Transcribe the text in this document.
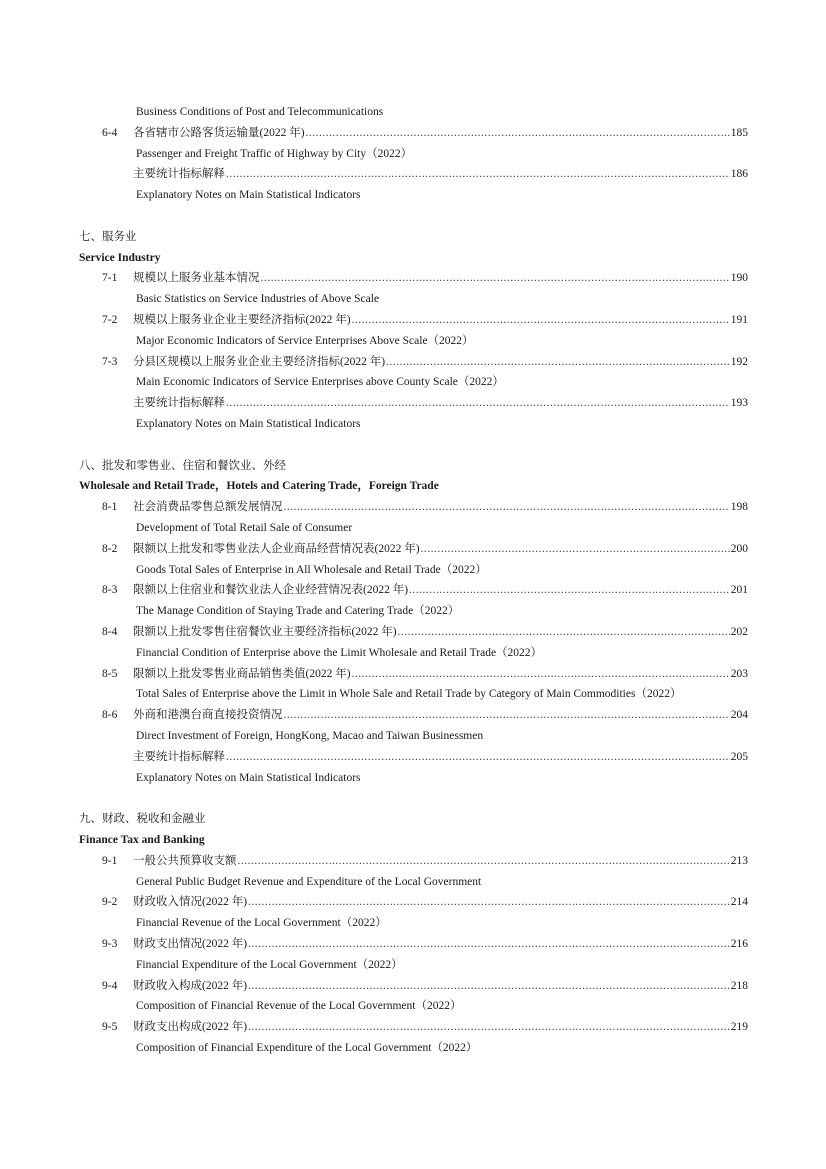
Business Conditions of Post and Telecommunications
6-4	各省辖市公路客货运输量(2022 年) .....	185
Passenger and Freight Traffic of Highway by City（2022）
主要统计指标解释 .....	186
Explanatory Notes on Main Statistical Indicators
七、服务业
Service Industry
7-1	规模以上服务业基本情况 .....	190
Basic Statistics on Service Industries of Above Scale
7-2	规模以上服务业企业主要经济指标(2022 年) .....	191
Major Economic Indicators of Service Enterprises Above Scale（2022）
7-3	分县区规模以上服务业企业主要经济指标(2022 年) .....	192
Main Economic Indicators of Service Enterprises above County Scale（2022）
主要统计指标解释 .....	193
Explanatory Notes on Main Statistical Indicators
八、批发和零售业、住宿和餐饮业、外经
Wholesale and Retail Trade，Hotels and Catering Trade，Foreign Trade
8-1	社会消费品零售总额发展情况 .....	198
Development of Total Retail Sale of Consumer
8-2	限额以上批发和零售业法人企业商品经营情况表(2022 年) .....	200
Goods Total Sales of Enterprise in All Wholesale and Retail Trade（2022）
8-3	限额以上住宿业和餐饮业法人企业经营情况表(2022 年) .....	201
The Manage Condition of Staying Trade and Catering Trade（2022）
8-4	限额以上批发零售住宿餐饮业主要经济指标(2022 年) .....	202
Financial Condition of Enterprise above the Limit Wholesale and Retail Trade（2022）
8-5	限额以上批发零售业商品销售类值(2022 年) .....	203
Total Sales of Enterprise above the Limit in Whole Sale and Retail Trade by Category of Main Commodities（2022）
8-6	外商和港澳台商直接投资情况 .....	204
Direct Investment of Foreign, HongKong, Macao and Taiwan Businessmen
主要统计指标解释 .....	205
Explanatory Notes on Main Statistical Indicators
九、财政、税收和金融业
Finance Tax and Banking
9-1	一般公共预算收支额 .....	213
General Public Budget Revenue and Expenditure of the Local Government
9-2	财政收入情况(2022 年) .....	214
Financial Revenue of the Local Government（2022）
9-3	财政支出情况(2022 年) .....	216
Financial Expenditure of the Local Government（2022）
9-4	财政收入构成(2022 年) .....	218
Composition of Financial Revenue of the Local Government（2022）
9-5	财政支出构成(2022 年) .....	219
Composition of Financial Expenditure of the Local Government（2022）
